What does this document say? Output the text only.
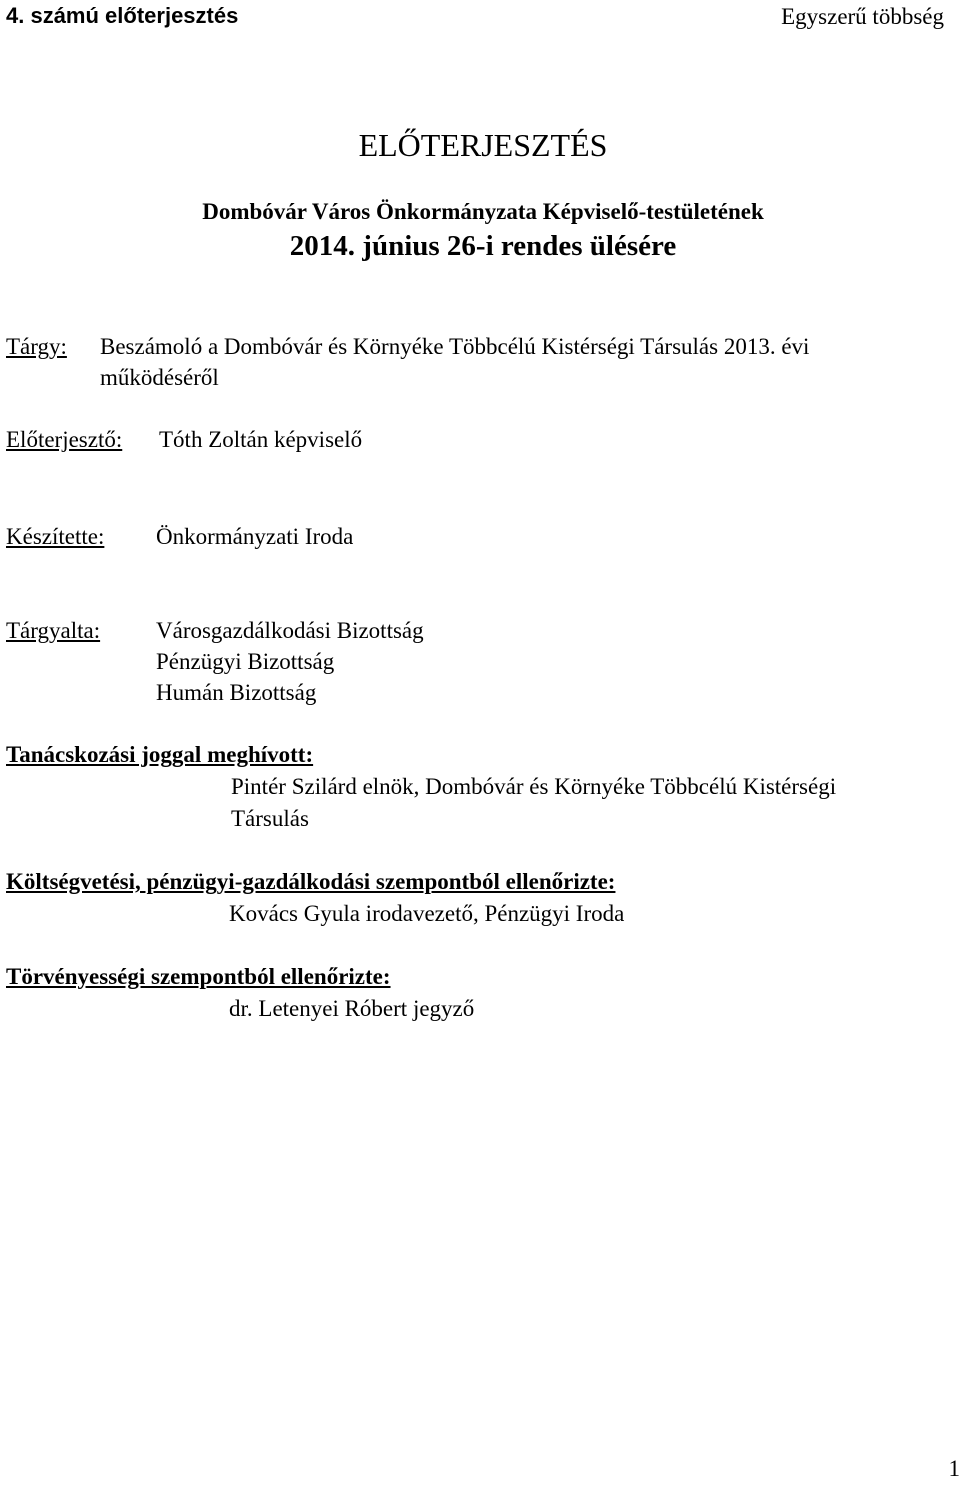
4. számú előterjesztés	Egyszerű többség
ELŐTERJESZTÉS
Dombóvár Város Önkormányzata Képviselő-testületének
2014. június 26-i rendes ülésére
Tárgy: Beszámoló a Dombóvár és Környéke Többcélú Kistérségi Társulás 2013. évi
működéséről
Előterjesztő: Tóth Zoltán képviselő
Készítette: Önkormányzati Iroda
Tárgyalta: Városgazdálkodási Bizottság
Pénzügyi Bizottság
Humán Bizottság
Tanácskozási joggal meghívott:
Pintér Szilárd elnök, Dombóvár és Környéke Többcélú Kistérségi
Társulás
Költségvetési, pénzügyi-gazdálkodási szempontból ellenőrizte:
Kovács Gyula irodavezető, Pénzügyi Iroda
Törvényességi szempontból ellenőrizte:
dr. Letenyei Róbert jegyző
1
